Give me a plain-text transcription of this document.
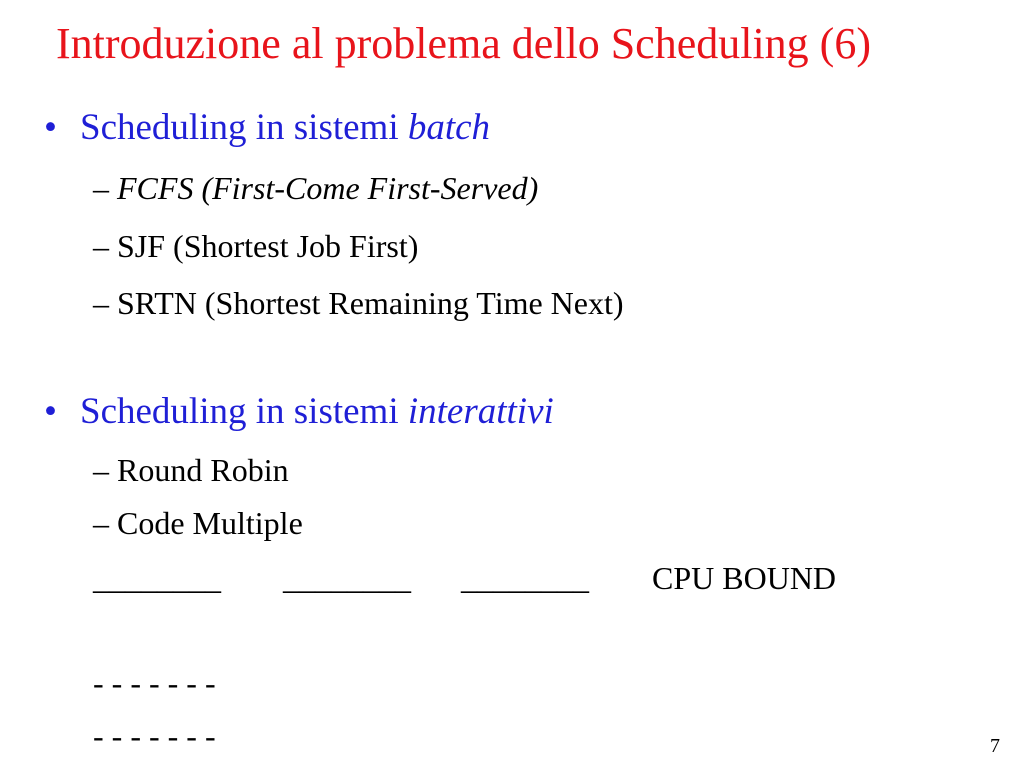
Introduzione al problema dello Scheduling (6)
• Scheduling in sistemi batch
– FCFS (First-Come First-Served)
– SJF (Shortest Job First)
– SRTN (Shortest Remaining Time Next)
• Scheduling in sistemi interattivi
– Round Robin
– Code Multiple
________ ________ ________ CPU BOUND
- - - - - - -
- - - - - - -	7
